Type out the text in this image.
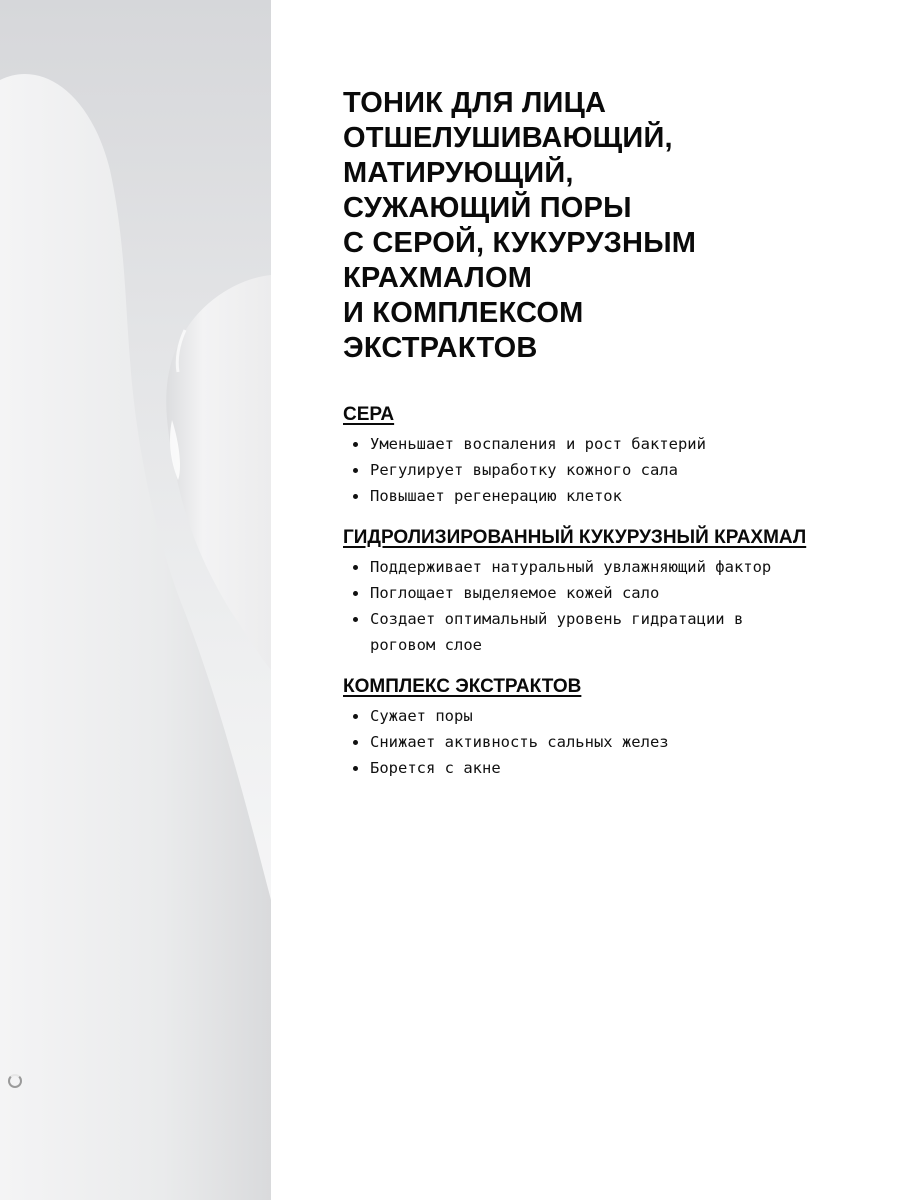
ТОНИК ДЛЯ ЛИЦА
ОТШЕЛУШИВАЮЩИЙ,
МАТИРУЮЩИЙ,
СУЖАЮЩИЙ ПОРЫ
С СЕРОЙ, КУКУРУЗНЫМ
КРАХМАЛОМ
И КОМПЛЕКСОМ
ЭКСТРАКТОВ
СЕРА
Уменьшает воспаления и рост бактерий
Регулирует выработку кожного сала
Повышает регенерацию клеток
ГИДРОЛИЗИРОВАННЫЙ КУКУРУЗНЫЙ КРАХМАЛ
Поддерживает натуральный увлажняющий фактор
Поглощает выделяемое кожей сало
Создает оптимальный уровень гидратации в роговом слое
КОМПЛЕКС ЭКСТРАКТОВ
Сужает поры
Снижает активность сальных желез
Борется с акне
